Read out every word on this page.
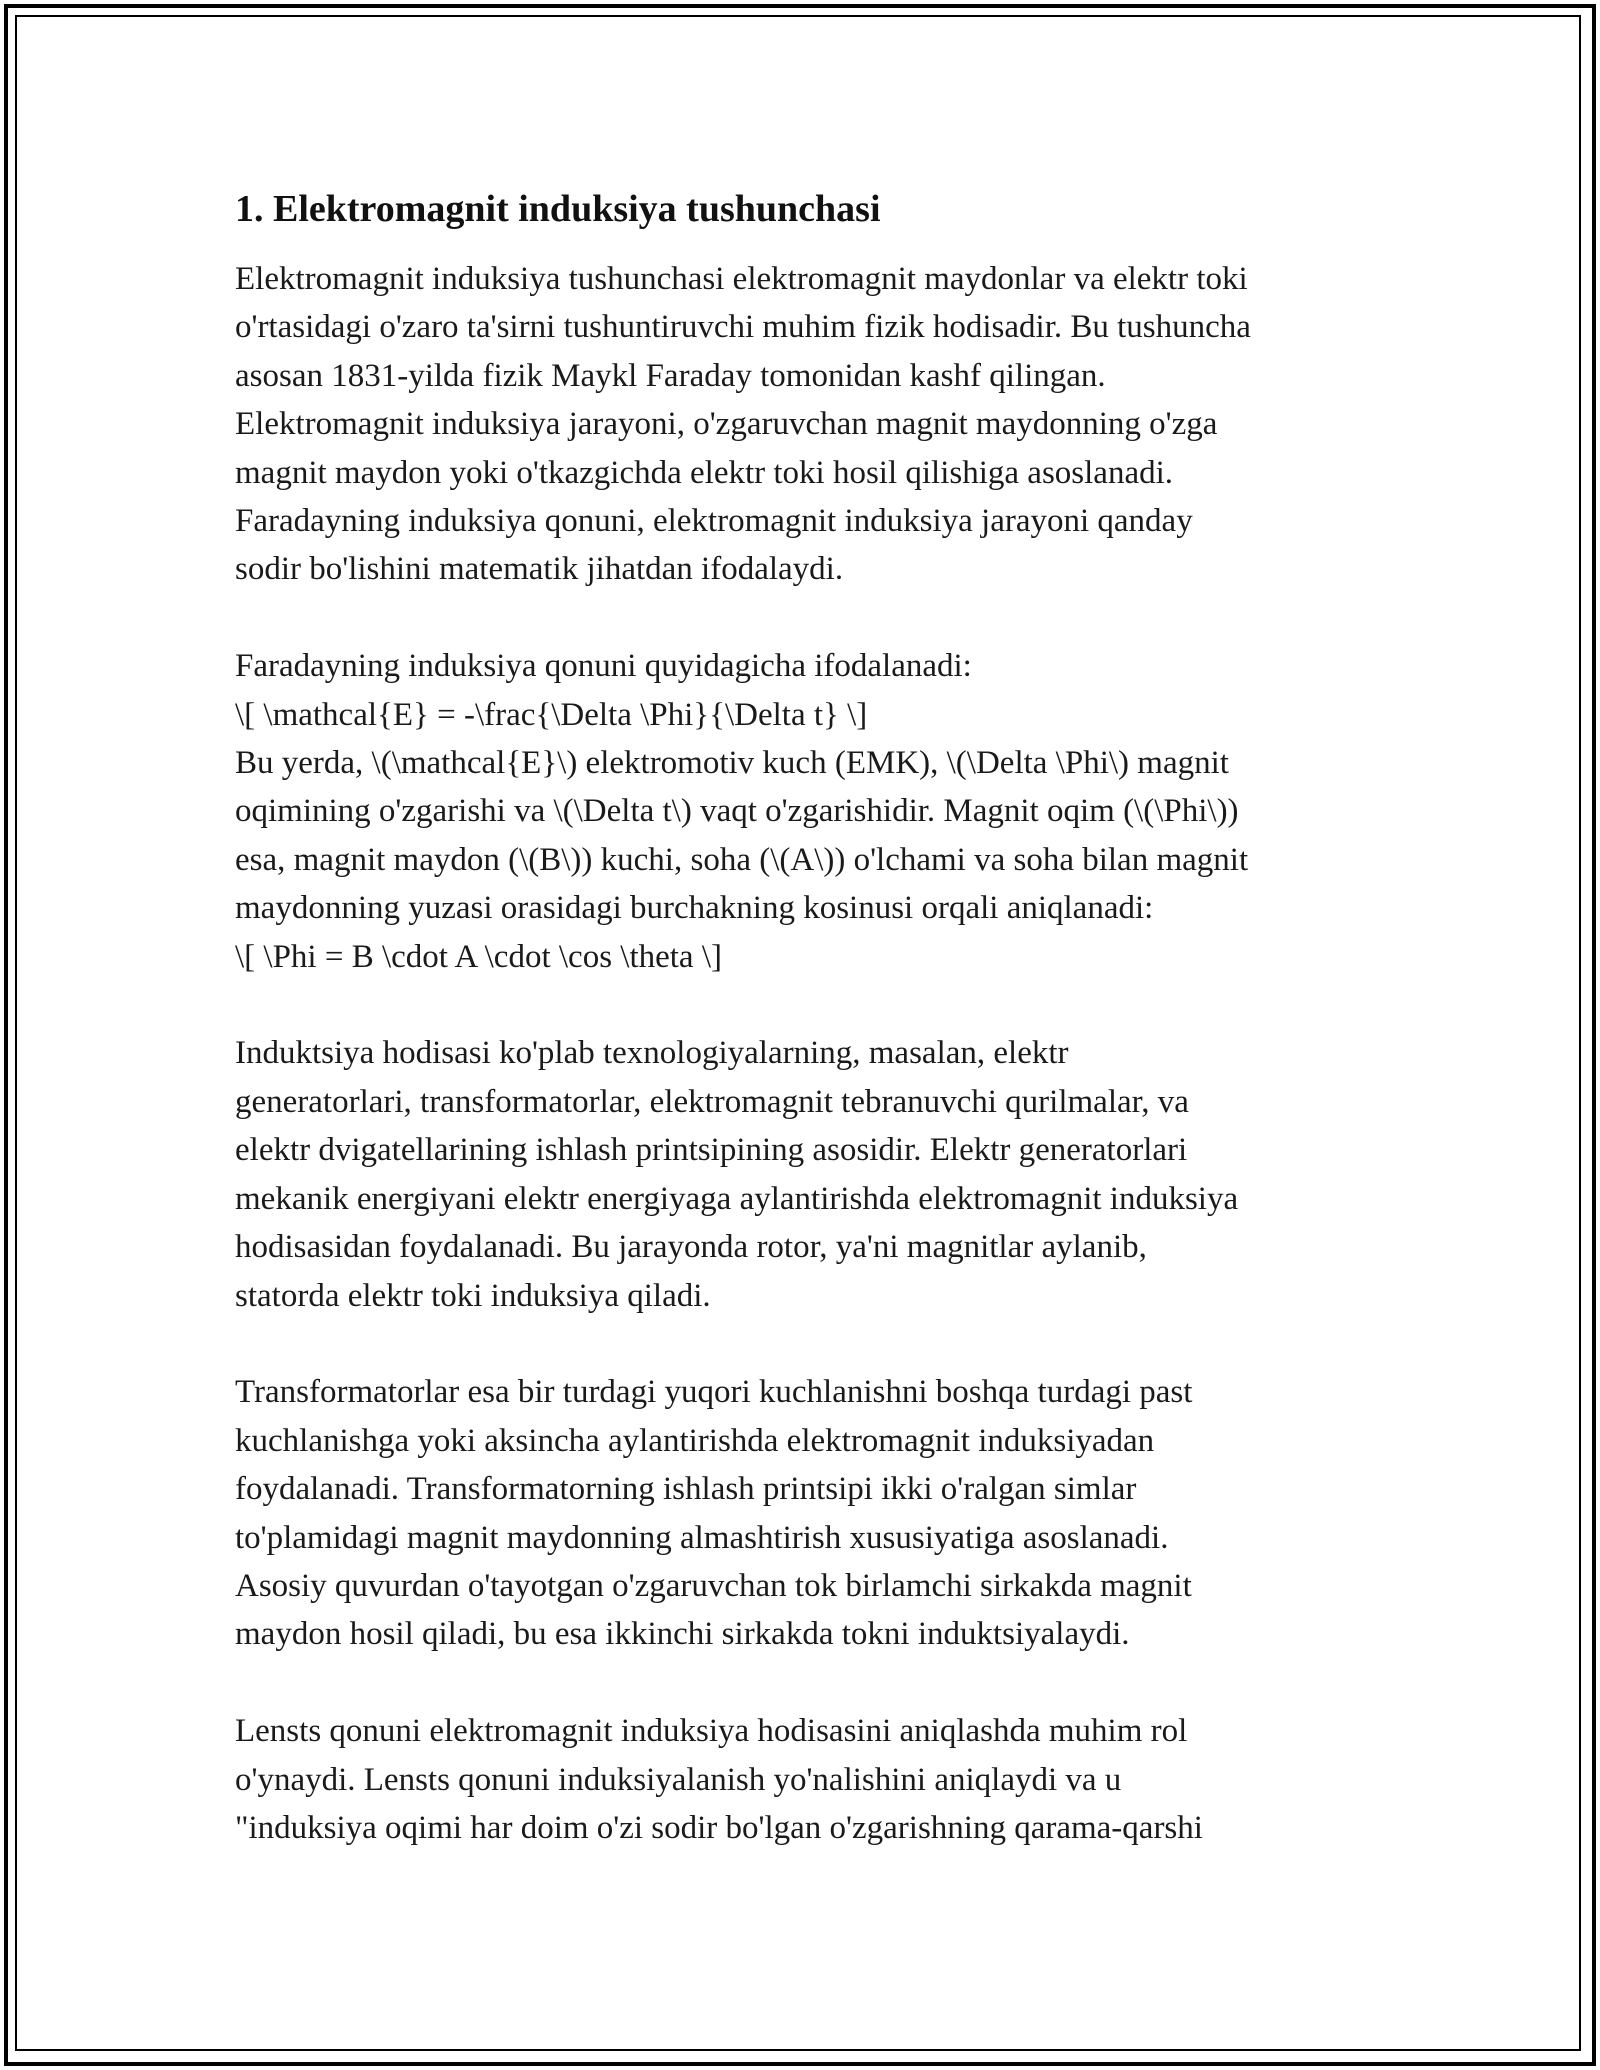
1. Elektromagnit induksiya tushunchasi

Elektromagnit induksiya tushunchasi elektromagnit maydonlar va elektr toki
o'rtasidagi o'zaro ta'sirni tushuntiruvchi muhim fizik hodisadir. Bu tushuncha
asosan 1831-yilda fizik Maykl Faraday tomonidan kashf qilingan.
Elektromagnit induksiya jarayoni, o'zgaruvchan magnit maydonning o'zga
magnit maydon yoki o'tkazgichda elektr toki hosil qilishiga asoslanadi.
Faradayning induksiya qonuni, elektromagnit induksiya jarayoni qanday
sodir bo'lishini matematik jihatdan ifodalaydi.

Faradayning induksiya qonuni quyidagicha ifodalanadi:
\[ \mathcal{E} = -\frac{\Delta \Phi}{\Delta t} \]
Bu yerda, \(\mathcal{E}\) elektromotiv kuch (EMK), \(\Delta \Phi\) magnit
oqimining o'zgarishi va \(\Delta t\) vaqt o'zgarishidir. Magnit oqim (\(\Phi\))
esa, magnit maydon (\(B\)) kuchi, soha (\(A\)) o'lchami va soha bilan magnit
maydonning yuzasi orasidagi burchakning kosinusi orqali aniqlanadi:
\[ \Phi = B \cdot A \cdot \cos \theta \]

Induktsiya hodisasi ko'plab texnologiyalarning, masalan, elektr
generatorlari, transformatorlar, elektromagnit tebranuvchi qurilmalar, va
elektr dvigatellarining ishlash printsipining asosidir. Elektr generatorlari
mekanik energiyani elektr energiyaga aylantirishda elektromagnit induksiya
hodisasidan foydalanadi. Bu jarayonda rotor, ya'ni magnitlar aylanib,
statorda elektr toki induksiya qiladi.

Transformatorlar esa bir turdagi yuqori kuchlanishni boshqa turdagi past
kuchlanishga yoki aksincha aylantirishda elektromagnit induksiyadan
foydalanadi. Transformatorning ishlash printsipi ikki o'ralgan simlar
to'plamidagi magnit maydonning almashtirish xususiyatiga asoslanadi.
Asosiy quvurdan o'tayotgan o'zgaruvchan tok birlamchi sirkakda magnit
maydon hosil qiladi, bu esa ikkinchi sirkakda tokni induktsiyalaydi.

Lensts qonuni elektromagnit induksiya hodisasini aniqlashda muhim rol
o'ynaydi. Lensts qonuni induksiyalanish yo'nalishini aniqlaydi va u
"induksiya oqimi har doim o'zi sodir bo'lgan o'zgarishning qarama-qarshi
